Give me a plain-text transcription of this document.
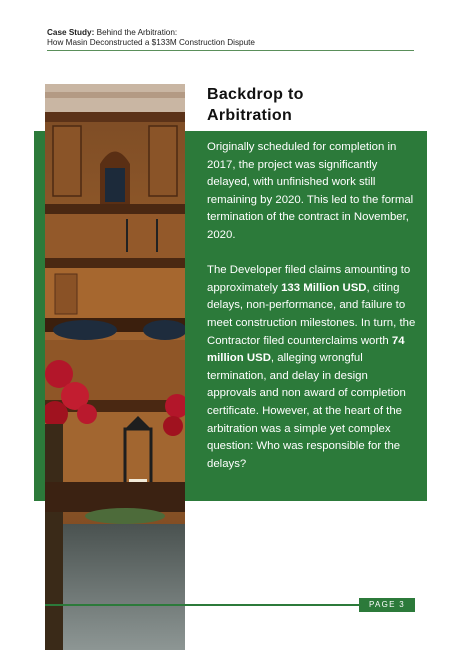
Case Study: Behind the Arbitration:
How Masin Deconstructed a $133M Construction Dispute
Backdrop to
Arbitration

Originally scheduled for completion in 2017, the project was significantly delayed, with unfinished work still remaining by 2020. This led to the formal termination of the contract in November, 2020.

The Developer filed claims amounting to approximately 133 Million USD, citing delays, non-performance, and failure to meet construction milestones. In turn, the Contractor filed counterclaims worth 74 million USD, alleging wrongful termination, and delay in design approvals and non award of completion certificate. However, at the heart of the arbitration was a simple yet complex question: Who was responsible for the delays?

PAGE 3
